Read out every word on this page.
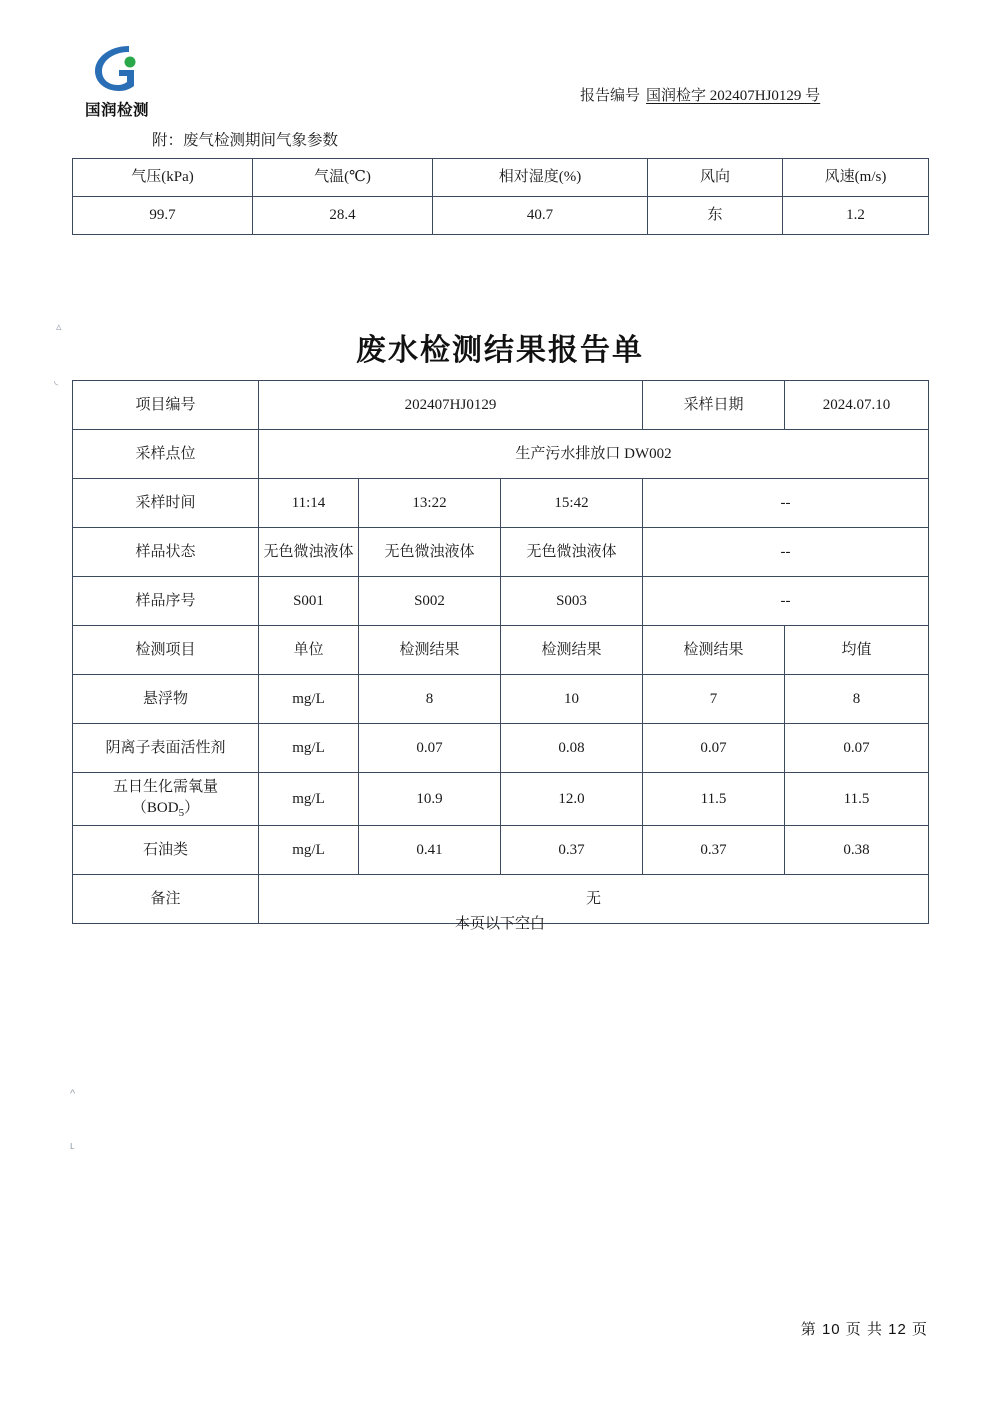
国润检测
报告编号 国润检字 202407HJ0129 号
附：废气检测期间气象参数
气压(kPa)	气温(℃)	相对湿度(%)	风向	风速(m/s)
99.7	28.4	40.7	东	1.2
废水检测结果报告单
项目编号	202407HJ0129			采样日期	2024.07.10
采样点位	生产污水排放口 DW002				
采样时间	11:14	13:22	15:42	--	
样品状态	无色微浊液体	无色微浊液体	无色微浊液体	--	
样品序号	S001	S002	S003	--	
检测项目	单位	检测结果	检测结果	检测结果	均值
悬浮物	mg/L	8	10	7	8
阴离子表面活性剂	mg/L	0.07	0.08	0.07	0.07

五日生化需氧量
$(BOD_5)$	mg/L	10.9	12.0	11.5	11.5
石油类	mg/L	0.41	0.37	0.37	0.38
备注	无				
本页以下空白
第 10 页 共 12 页
▵
◟
^
ʟ
